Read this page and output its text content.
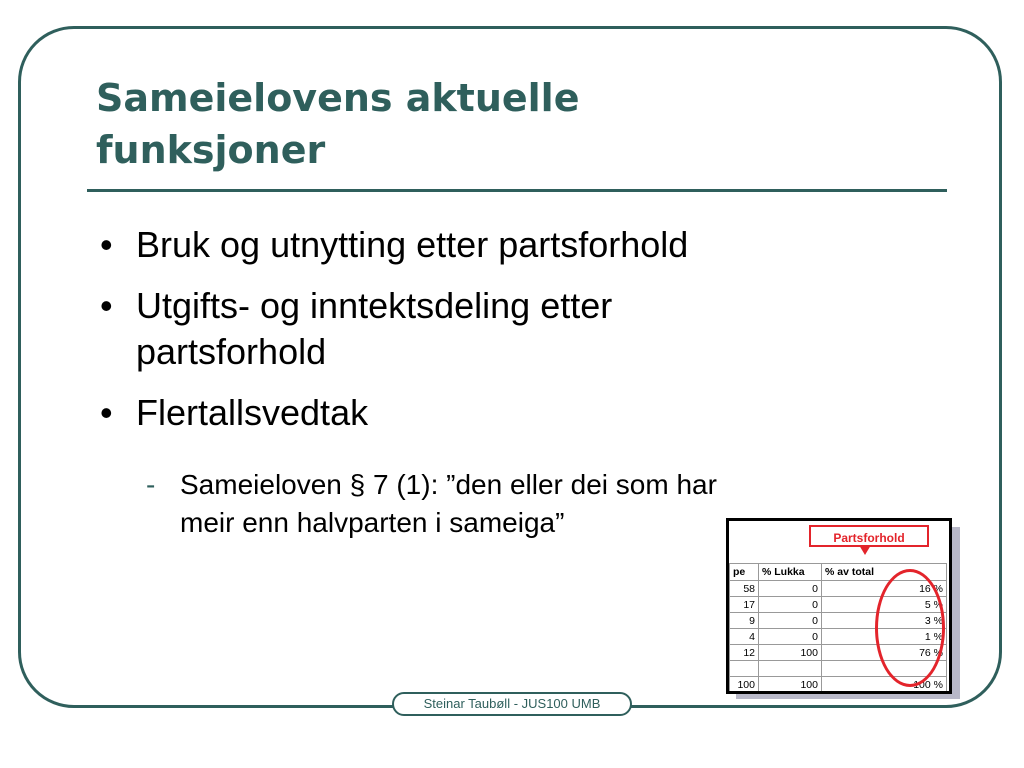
Sameielovens aktuelle
funksjoner
• Bruk og utnytting etter partsforhold
• Utgifts- og inntektsdeling etter
partsforhold
• Flertallsvedtak
- Sameieloven § 7 (1): ”den eller dei som har
meir enn halvparten i sameiga”
pe	% Lukka	% av total
58	0	16 %
17	0	5 %
9	0	3 %
4	0	1 %
12	100	76 %

100	100	100 %
Partsforhold
Steinar Taubøll - JUS100 UMB
